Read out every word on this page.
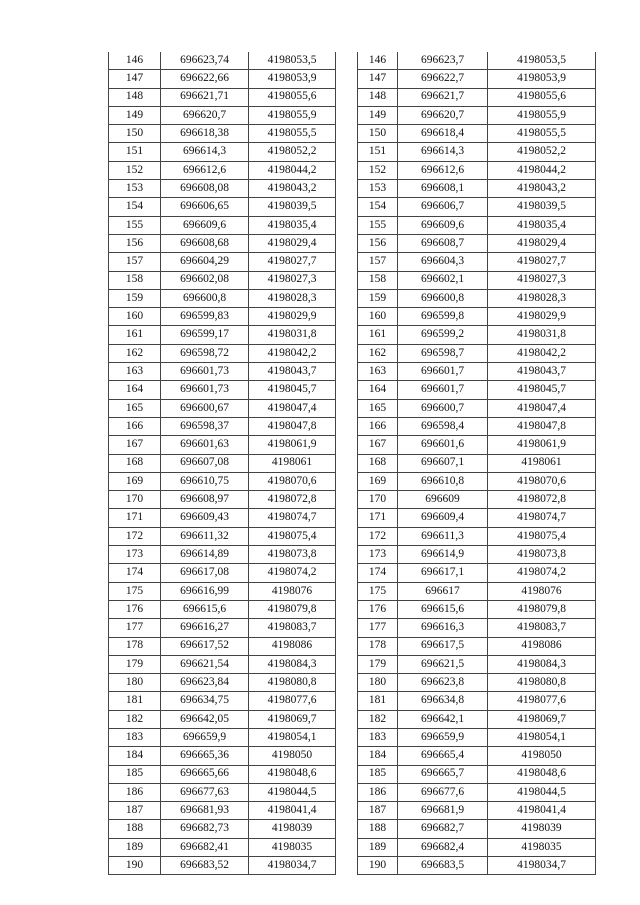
146	696623,74	4198053,5
147	696622,66	4198053,9
148	696621,71	4198055,6
149	696620,7	4198055,9
150	696618,38	4198055,5
151	696614,3	4198052,2
152	696612,6	4198044,2
153	696608,08	4198043,2
154	696606,65	4198039,5
155	696609,6	4198035,4
156	696608,68	4198029,4
157	696604,29	4198027,7
158	696602,08	4198027,3
159	696600,8	4198028,3
160	696599,83	4198029,9
161	696599,17	4198031,8
162	696598,72	4198042,2
163	696601,73	4198043,7
164	696601,73	4198045,7
165	696600,67	4198047,4
166	696598,37	4198047,8
167	696601,63	4198061,9
168	696607,08	4198061
169	696610,75	4198070,6
170	696608,97	4198072,8
171	696609,43	4198074,7
172	696611,32	4198075,4
173	696614,89	4198073,8
174	696617,08	4198074,2
175	696616,99	4198076
176	696615,6	4198079,8
177	696616,27	4198083,7
178	696617,52	4198086
179	696621,54	4198084,3
180	696623,84	4198080,8
181	696634,75	4198077,6
182	696642,05	4198069,7
183	696659,9	4198054,1
184	696665,36	4198050
185	696665,66	4198048,6
186	696677,63	4198044,5
187	696681,93	4198041,4
188	696682,73	4198039
189	696682,41	4198035
190	696683,52	4198034,7
146	696623,7	4198053,5
147	696622,7	4198053,9
148	696621,7	4198055,6
149	696620,7	4198055,9
150	696618,4	4198055,5
151	696614,3	4198052,2
152	696612,6	4198044,2
153	696608,1	4198043,2
154	696606,7	4198039,5
155	696609,6	4198035,4
156	696608,7	4198029,4
157	696604,3	4198027,7
158	696602,1	4198027,3
159	696600,8	4198028,3
160	696599,8	4198029,9
161	696599,2	4198031,8
162	696598,7	4198042,2
163	696601,7	4198043,7
164	696601,7	4198045,7
165	696600,7	4198047,4
166	696598,4	4198047,8
167	696601,6	4198061,9
168	696607,1	4198061
169	696610,8	4198070,6
170	696609	4198072,8
171	696609,4	4198074,7
172	696611,3	4198075,4
173	696614,9	4198073,8
174	696617,1	4198074,2
175	696617	4198076
176	696615,6	4198079,8
177	696616,3	4198083,7
178	696617,5	4198086
179	696621,5	4198084,3
180	696623,8	4198080,8
181	696634,8	4198077,6
182	696642,1	4198069,7
183	696659,9	4198054,1
184	696665,4	4198050
185	696665,7	4198048,6
186	696677,6	4198044,5
187	696681,9	4198041,4
188	696682,7	4198039
189	696682,4	4198035
190	696683,5	4198034,7
